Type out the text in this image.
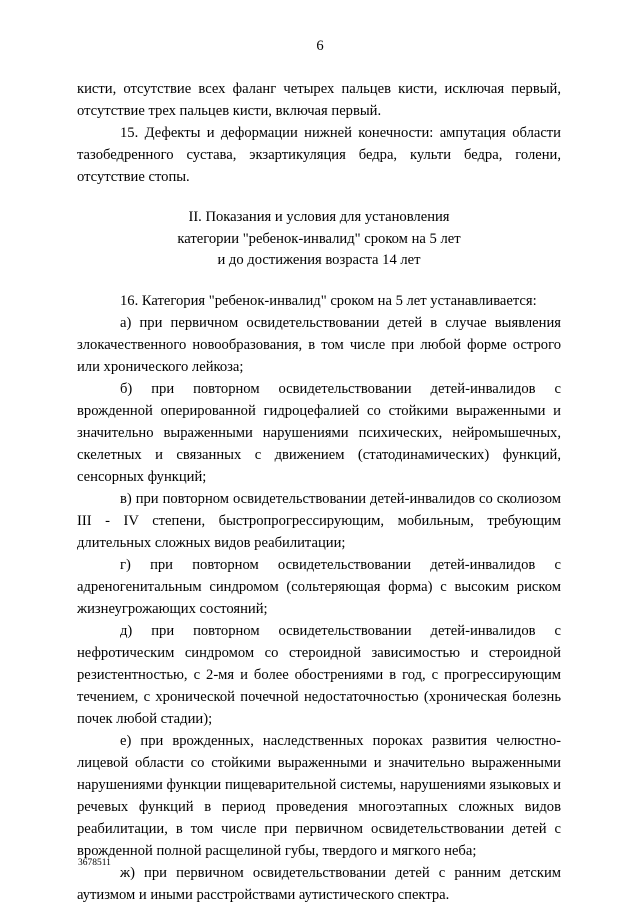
6

кисти, отсутствие всех фаланг четырех пальцев кисти, исключая первый, отсутствие трех пальцев кисти, включая первый.

15. Дефекты и деформации нижней конечности: ампутация области тазобедренного сустава, экзартикуляция бедра, культи бедра, голени, отсутствие стопы.

II. Показания и условия для установления
категории "ребенок-инвалид" сроком на 5 лет
и до достижения возраста 14 лет

16. Категория "ребенок-инвалид" сроком на 5 лет устанавливается:

а) при первичном освидетельствовании детей в случае выявления злокачественного новообразования, в том числе при любой форме острого или хронического лейкоза;

б) при повторном освидетельствовании детей-инвалидов с врожденной оперированной гидроцефалией со стойкими выраженными и значительно выраженными нарушениями психических, нейромышечных, скелетных и связанных с движением (статодинамических) функций, сенсорных функций;

в) при повторном освидетельствовании детей-инвалидов со сколиозом III - IV степени, быстропрогрессирующим, мобильным, требующим длительных сложных видов реабилитации;

г) при повторном освидетельствовании детей-инвалидов с адреногенитальным синдромом (сольтеряющая форма) с высоким риском жизнеугрожающих состояний;

д) при повторном освидетельствовании детей-инвалидов с нефротическим синдромом со стероидной зависимостью и стероидной резистентностью, с 2-мя и более обострениями в год, с прогрессирующим течением, с хронической почечной недостаточностью (хроническая болезнь почек любой стадии);

е) при врожденных, наследственных пороках развития челюстно-лицевой области со стойкими выраженными и значительно выраженными нарушениями функции пищеварительной системы, нарушениями языковых и речевых функций в период проведения многоэтапных сложных видов реабилитации, в том числе при первичном освидетельствовании детей с врожденной полной расщелиной губы, твердого и мягкого неба;

ж) при первичном освидетельствовании детей с ранним детским аутизмом и иными расстройствами аутистического спектра.

3678511
